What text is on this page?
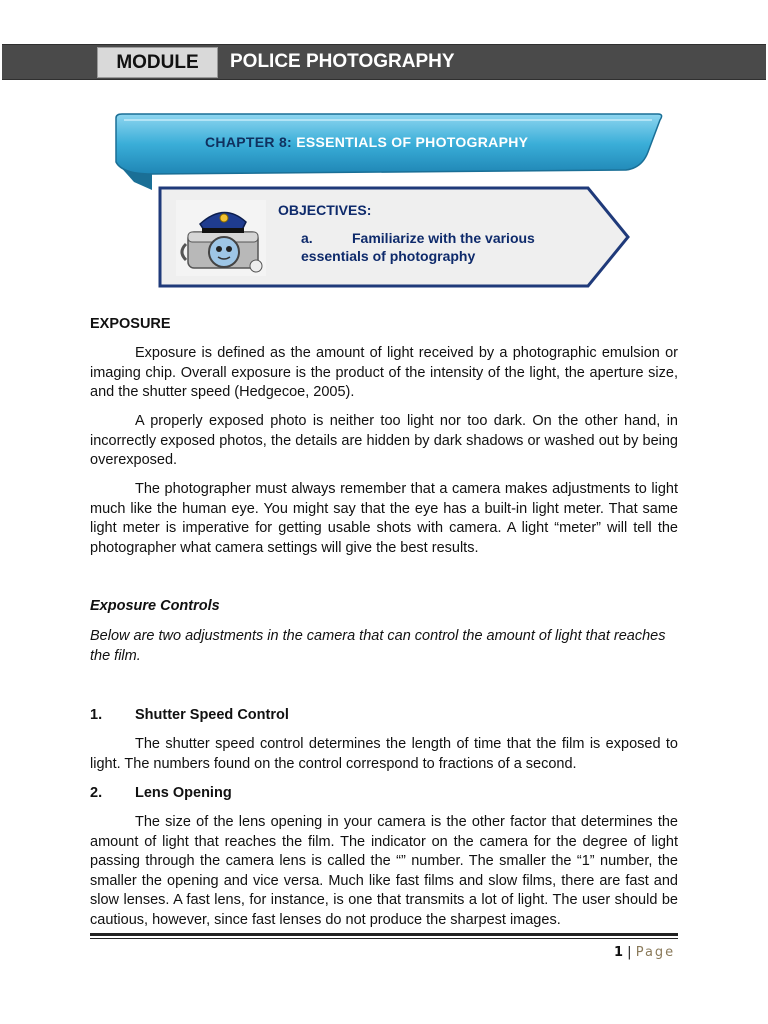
MODULE	POLICE PHOTOGRAPHY
CHAPTER 8: ESSENTIALS OF PHOTOGRAPHY
OBJECTIVES:
a.	Familiarize with the various essentials of photography
EXPOSURE

Exposure is defined as the amount of light received by a photographic emulsion or imaging chip. Overall exposure is the product of the intensity of the light, the aperture size, and the shutter speed (Hedgecoe, 2005).

A properly exposed photo is neither too light nor too dark. On the other hand, in incorrectly exposed photos, the details are hidden by dark shadows or washed out by being overexposed.

The photographer must always remember that a camera makes adjustments to light much like the human eye. You might say that the eye has a built-in light meter. That same light meter is imperative for getting usable shots with camera. A light “meter” will tell the photographer what camera settings will give the best results.

Exposure Controls
Below are two adjustments in the camera that can control the amount of light that reaches the film.
1. Shutter Speed Control

The shutter speed control determines the length of time that the film is exposed to light. The numbers found on the control correspond to fractions of a second.

2. Lens Opening

The size of the lens opening in your camera is the other factor that determines the amount of light that reaches the film. The indicator on the camera for the degree of light passing through the camera lens is called the “” number. The smaller the “1” number, the smaller the opening and vice versa. Much like fast films and slow films, there are fast and slow lenses. A fast lens, for instance, is one that transmits a lot of light. The user should be cautious, however, since fast lenses do not produce the sharpest images.

1 | Page
